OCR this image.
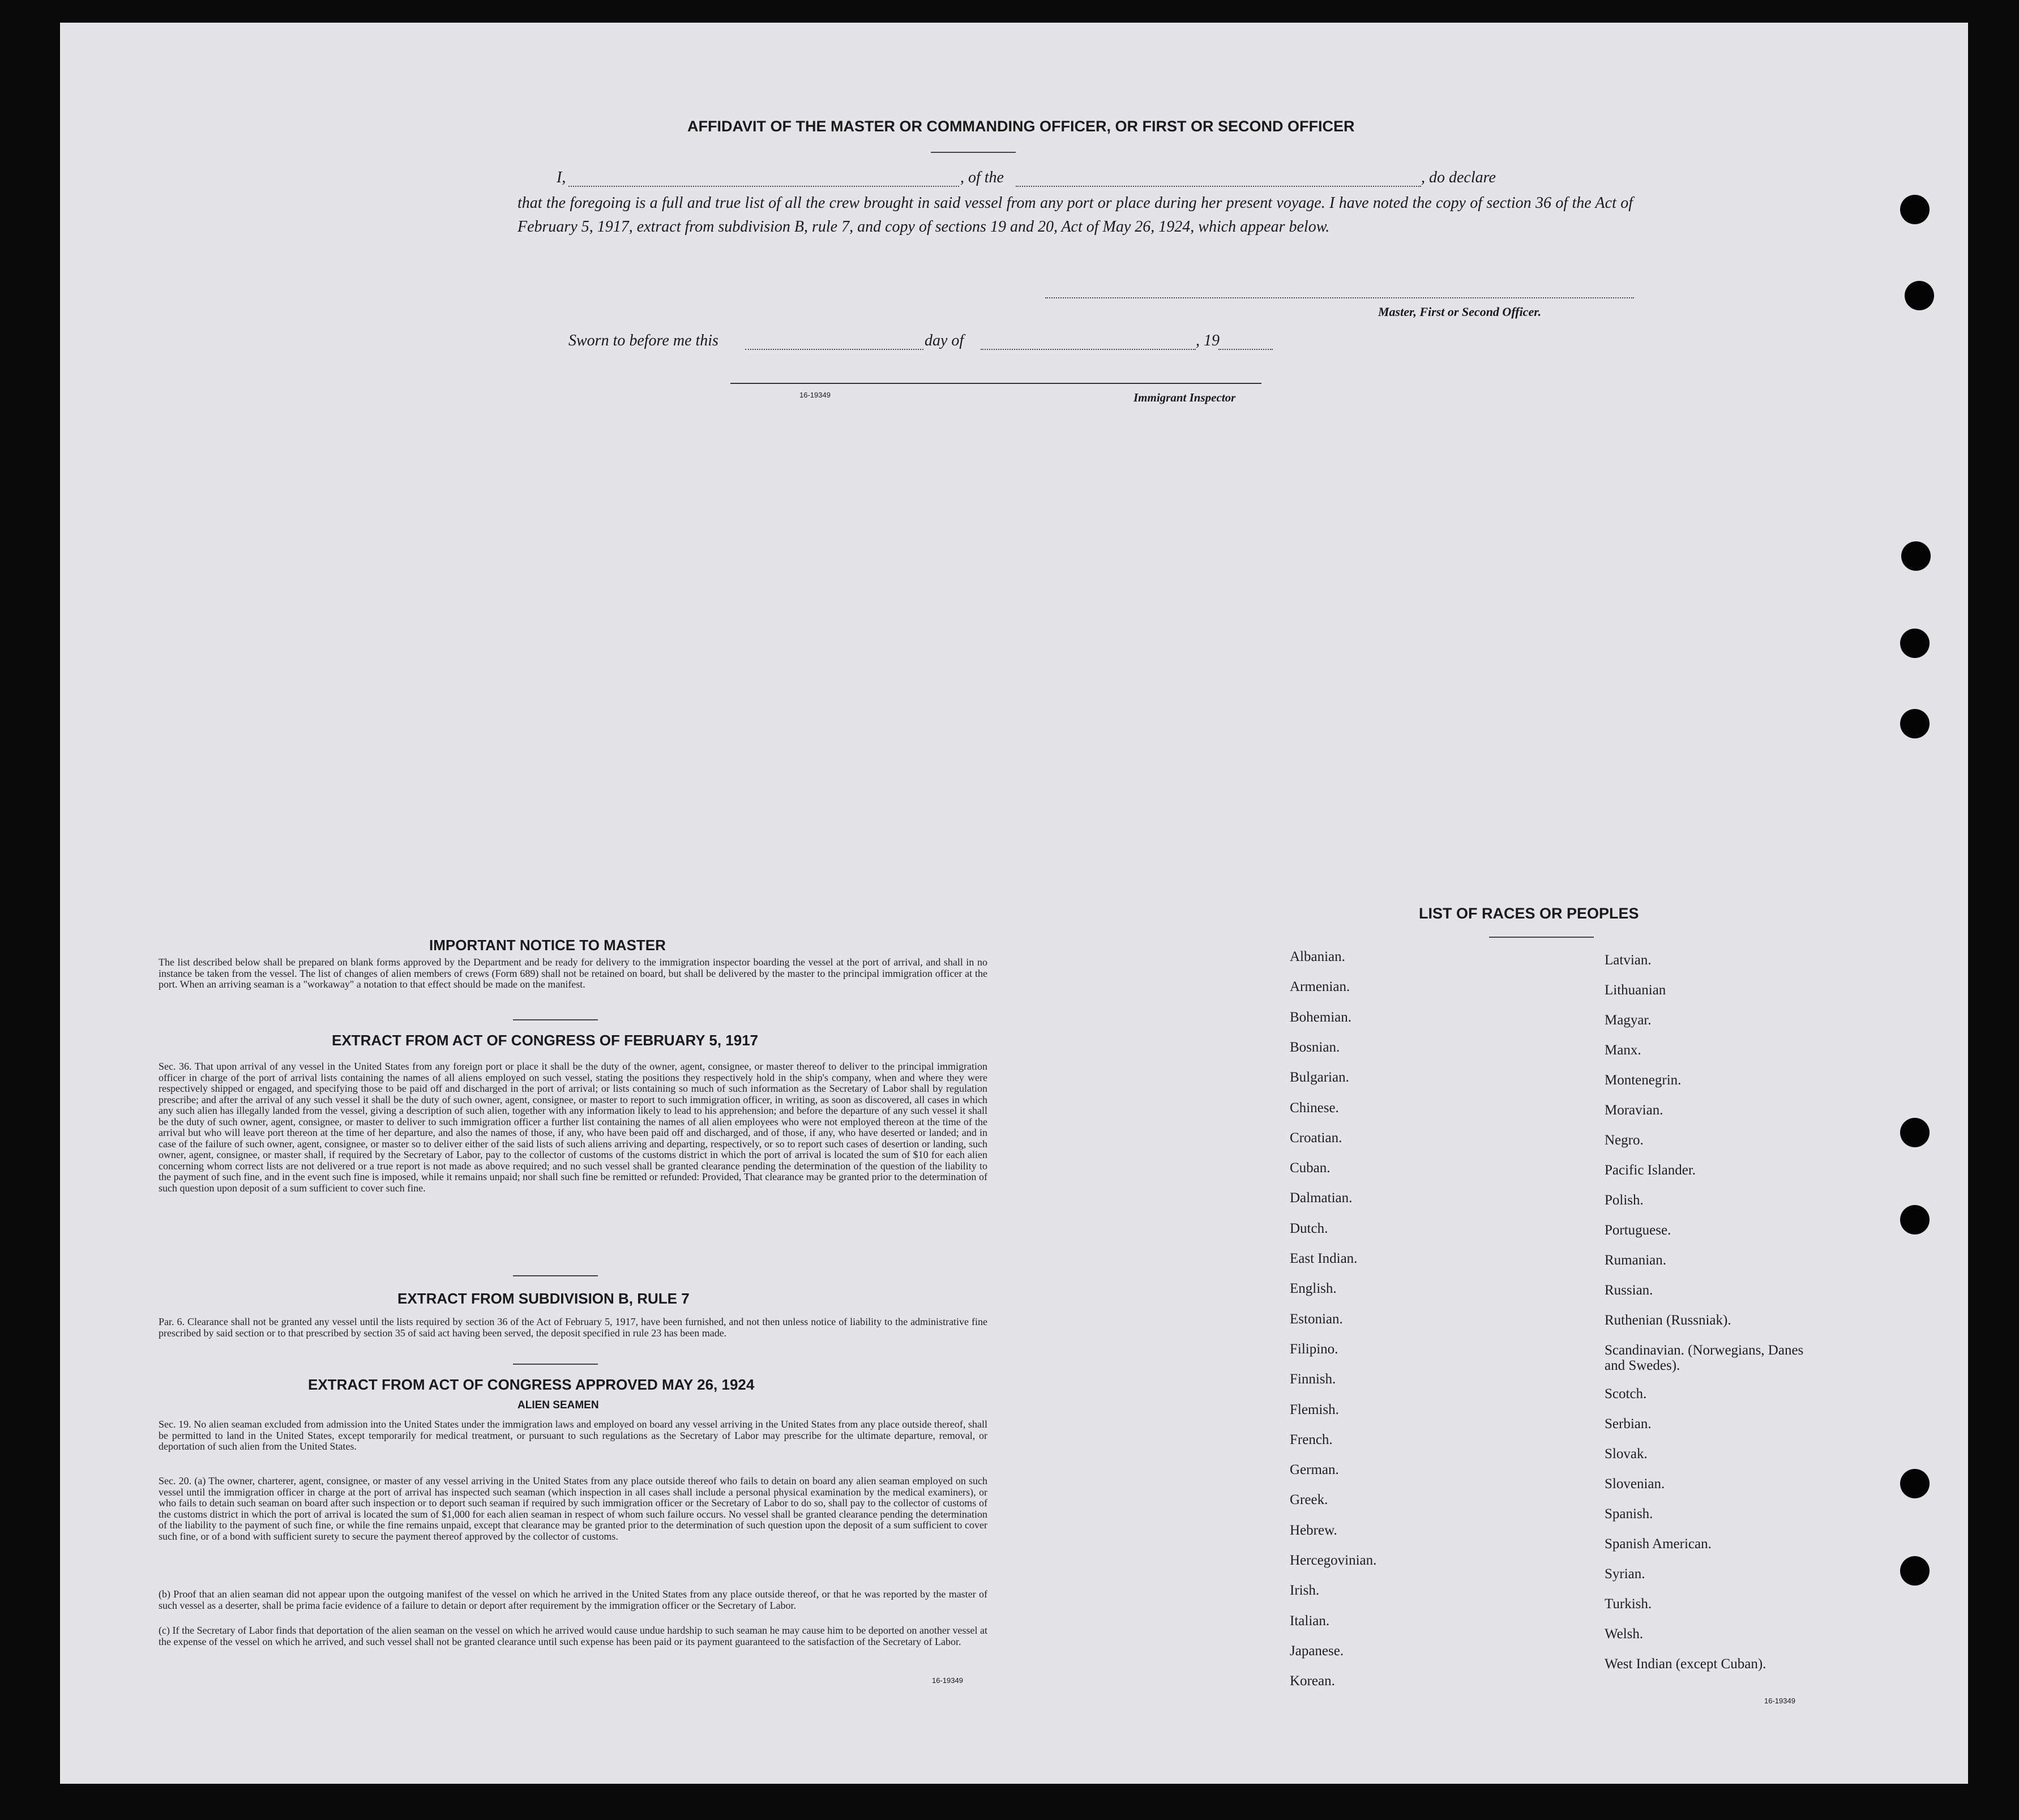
AFFIDAVIT OF THE MASTER OR COMMANDING OFFICER, OR FIRST OR SECOND OFFICER
I,	, of the	, do declare
that the foregoing is a full and true list of all the crew brought in said vessel from any port or place during her present voyage. I have noted the copy of section 36 of the Act of February 5, 1917, extract from subdivision B, rule 7, and copy of sections 19 and 20, Act of May 26, 1924, which appear below.
Master, First or Second Officer.
Sworn to before me this	day of	, 19
16-19349	Immigrant Inspector
IMPORTANT NOTICE TO MASTER
The list described below shall be prepared on blank forms approved by the Department and be ready for delivery to the immigration inspector boarding the vessel at the port of arrival, and shall in no instance be taken from the vessel. The list of changes of alien members of crews (Form 689) shall not be retained on board, but shall be delivered by the master to the principal immigration officer at the port. When an arriving seaman is a "workaway" a notation to that effect should be made on the manifest.
EXTRACT FROM ACT OF CONGRESS OF FEBRUARY 5, 1917
Sec. 36. That upon arrival of any vessel in the United States from any foreign port or place it shall be the duty of the owner, agent, consignee, or master thereof to deliver to the principal immigration officer in charge of the port of arrival lists containing the names of all aliens employed on such vessel, stating the positions they respectively hold in the ship's company, when and where they were respectively shipped or engaged, and specifying those to be paid off and discharged in the port of arrival; or lists containing so much of such information as the Secretary of Labor shall by regulation prescribe; and after the arrival of any such vessel it shall be the duty of such owner, agent, consignee, or master to report to such immigration officer, in writing, as soon as discovered, all cases in which any such alien has illegally landed from the vessel, giving a description of such alien, together with any information likely to lead to his apprehension; and before the departure of any such vessel it shall be the duty of such owner, agent, consignee, or master to deliver to such immigration officer a further list containing the names of all alien employees who were not employed thereon at the time of the arrival but who will leave port thereon at the time of her departure, and also the names of those, if any, who have been paid off and discharged, and of those, if any, who have deserted or landed; and in case of the failure of such owner, agent, consignee, or master so to deliver either of the said lists of such aliens arriving and departing, respectively, or so to report such cases of desertion or landing, such owner, agent, consignee, or master shall, if required by the Secretary of Labor, pay to the collector of customs of the customs district in which the port of arrival is located the sum of $10 for each alien concerning whom correct lists are not delivered or a true report is not made as above required; and no such vessel shall be granted clearance pending the determination of the question of the liability to the payment of such fine, and in the event such fine is imposed, while it remains unpaid; nor shall such fine be remitted or refunded: Provided, That clearance may be granted prior to the determination of such question upon deposit of a sum sufficient to cover such fine.
EXTRACT FROM SUBDIVISION B, RULE 7
Par. 6. Clearance shall not be granted any vessel until the lists required by section 36 of the Act of February 5, 1917, have been furnished, and not then unless notice of liability to the administrative fine prescribed by said section or to that prescribed by section 35 of said act having been served, the deposit specified in rule 23 has been made.
EXTRACT FROM ACT OF CONGRESS APPROVED MAY 26, 1924
ALIEN SEAMEN
Sec. 19. No alien seaman excluded from admission into the United States under the immigration laws and employed on board any vessel arriving in the United States from any place outside thereof, shall be permitted to land in the United States, except temporarily for medical treatment, or pursuant to such regulations as the Secretary of Labor may prescribe for the ultimate departure, removal, or deportation of such alien from the United States.
Sec. 20. (a) The owner, charterer, agent, consignee, or master of any vessel arriving in the United States from any place outside thereof who fails to detain on board any alien seaman employed on such vessel until the immigration officer in charge at the port of arrival has inspected such seaman (which inspection in all cases shall include a personal physical examination by the medical examiners), or who fails to detain such seaman on board after such inspection or to deport such seaman if required by such immigration officer or the Secretary of Labor to do so, shall pay to the collector of customs of the customs district in which the port of arrival is located the sum of $1,000 for each alien seaman in respect of whom such failure occurs. No vessel shall be granted clearance pending the determination of the liability to the payment of such fine, or while the fine remains unpaid, except that clearance may be granted prior to the determination of such question upon the deposit of a sum sufficient to cover such fine, or of a bond with sufficient surety to secure the payment thereof approved by the collector of customs.
(b) Proof that an alien seaman did not appear upon the outgoing manifest of the vessel on which he arrived in the United States from any place outside thereof, or that he was reported by the master of such vessel as a deserter, shall be prima facie evidence of a failure to detain or deport after requirement by the immigration officer or the Secretary of Labor.
(c) If the Secretary of Labor finds that deportation of the alien seaman on the vessel on which he arrived would cause undue hardship to such seaman he may cause him to be deported on another vessel at the expense of the vessel on which he arrived, and such vessel shall not be granted clearance until such expense has been paid or its payment guaranteed to the satisfaction of the Secretary of Labor.
16-19349
LIST OF RACES OR PEOPLES
Albanian.
Armenian.
Bohemian.
Bosnian.
Bulgarian.
Chinese.
Croatian.
Cuban.
Dalmatian.
Dutch.
East Indian.
English.
Estonian.
Filipino.
Finnish.
Flemish.
French.
German.
Greek.
Hebrew.
Hercegovinian.
Irish.
Italian.
Japanese.
Korean.
Latvian.
Lithuanian
Magyar.
Manx.
Montenegrin.
Moravian.
Negro.
Pacific Islander.
Polish.
Portuguese.
Rumanian.
Russian.
Ruthenian (Russniak).
Scandinavian. (Norwegians, Danes and Swedes).
Scotch.
Serbian.
Slovak.
Slovenian.
Spanish.
Spanish American.
Syrian.
Turkish.
Welsh.
West Indian (except Cuban).
16-19349
